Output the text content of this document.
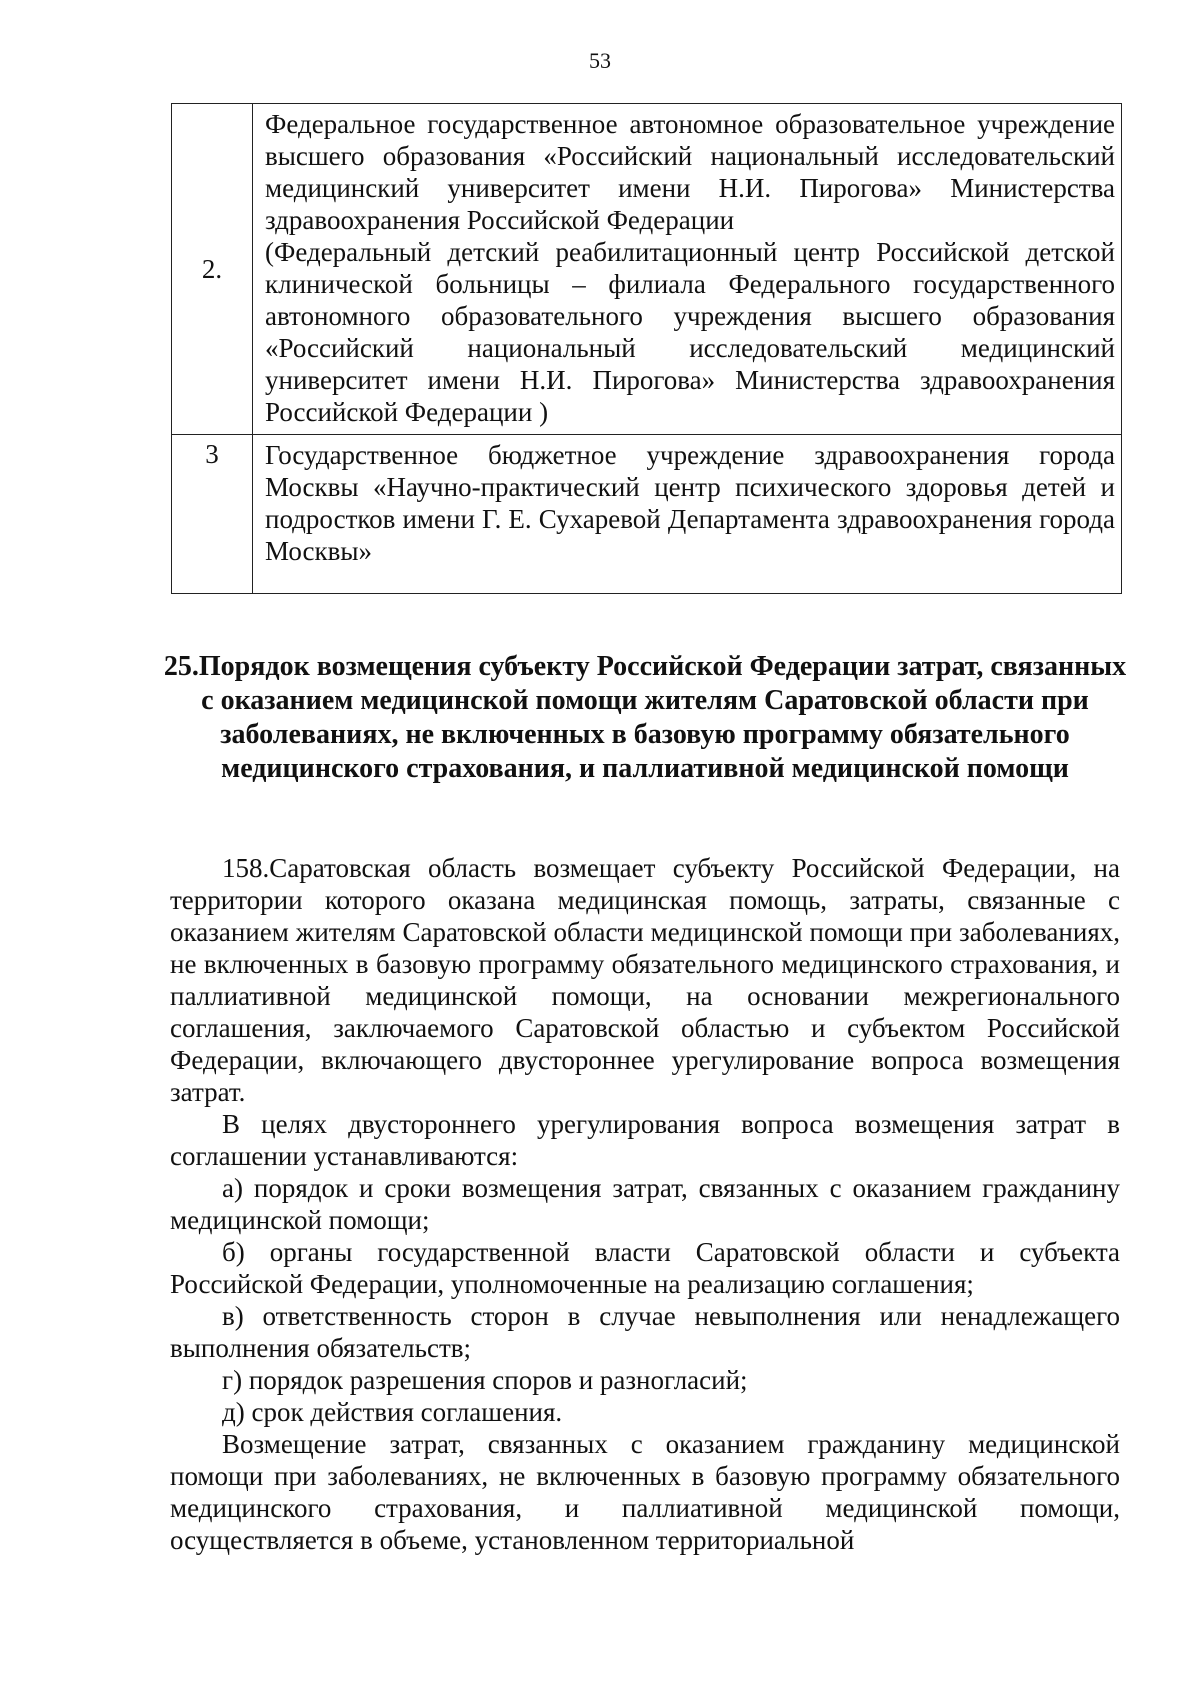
53
2.	Федеральное государственное автономное образовательное учреждение высшего образования «Российский национальный исследовательский медицинский университет имени Н.И. Пирогова» Министерства здравоохранения Российской Федерации
(Федеральный детский реабилитационный центр Российской детской клинической больницы – филиала Федерального государственного автономного образовательного учреждения высшего образования «Российский национальный исследовательский медицинский университет имени Н.И. Пирогова» Министерства здравоохранения Российской Федерации )

3	Государственное бюджетное учреждение здравоохранения города Москвы «Научно-практический центр психического здоровья детей и подростков имени Г. Е. Сухаревой Департамента здравоохранения города Москвы»
25.Порядок возмещения субъекту Российской Федерации затрат, связанных с оказанием медицинской помощи жителям Саратовской области при заболеваниях, не включенных в базовую программу обязательного медицинского страхования, и паллиативной медицинской помощи

158.Саратовская область возмещает субъекту Российской Федерации, на территории которого оказана медицинская помощь, затраты, связанные с оказанием жителям Саратовской области медицинской помощи при заболеваниях, не включенных в базовую программу обязательного медицинского страхования, и паллиативной медицинской помощи, на основании межрегионального соглашения, заключаемого Саратовской областью и субъектом Российской Федерации, включающего двустороннее урегулирование вопроса возмещения затрат.

В целях двустороннего урегулирования вопроса возмещения затрат в соглашении устанавливаются:

а) порядок и сроки возмещения затрат, связанных с оказанием гражданину медицинской помощи;

б) органы государственной власти Саратовской области и субъекта Российской Федерации, уполномоченные на реализацию соглашения;

в) ответственность сторон в случае невыполнения или ненадлежащего выполнения обязательств;

г) порядок разрешения споров и разногласий;

д) срок действия соглашения.

Возмещение затрат, связанных с оказанием гражданину медицинской помощи при заболеваниях, не включенных в базовую программу обязательного медицинского страхования, и паллиативной медицинской помощи, осуществляется в объеме, установленном территориальной
